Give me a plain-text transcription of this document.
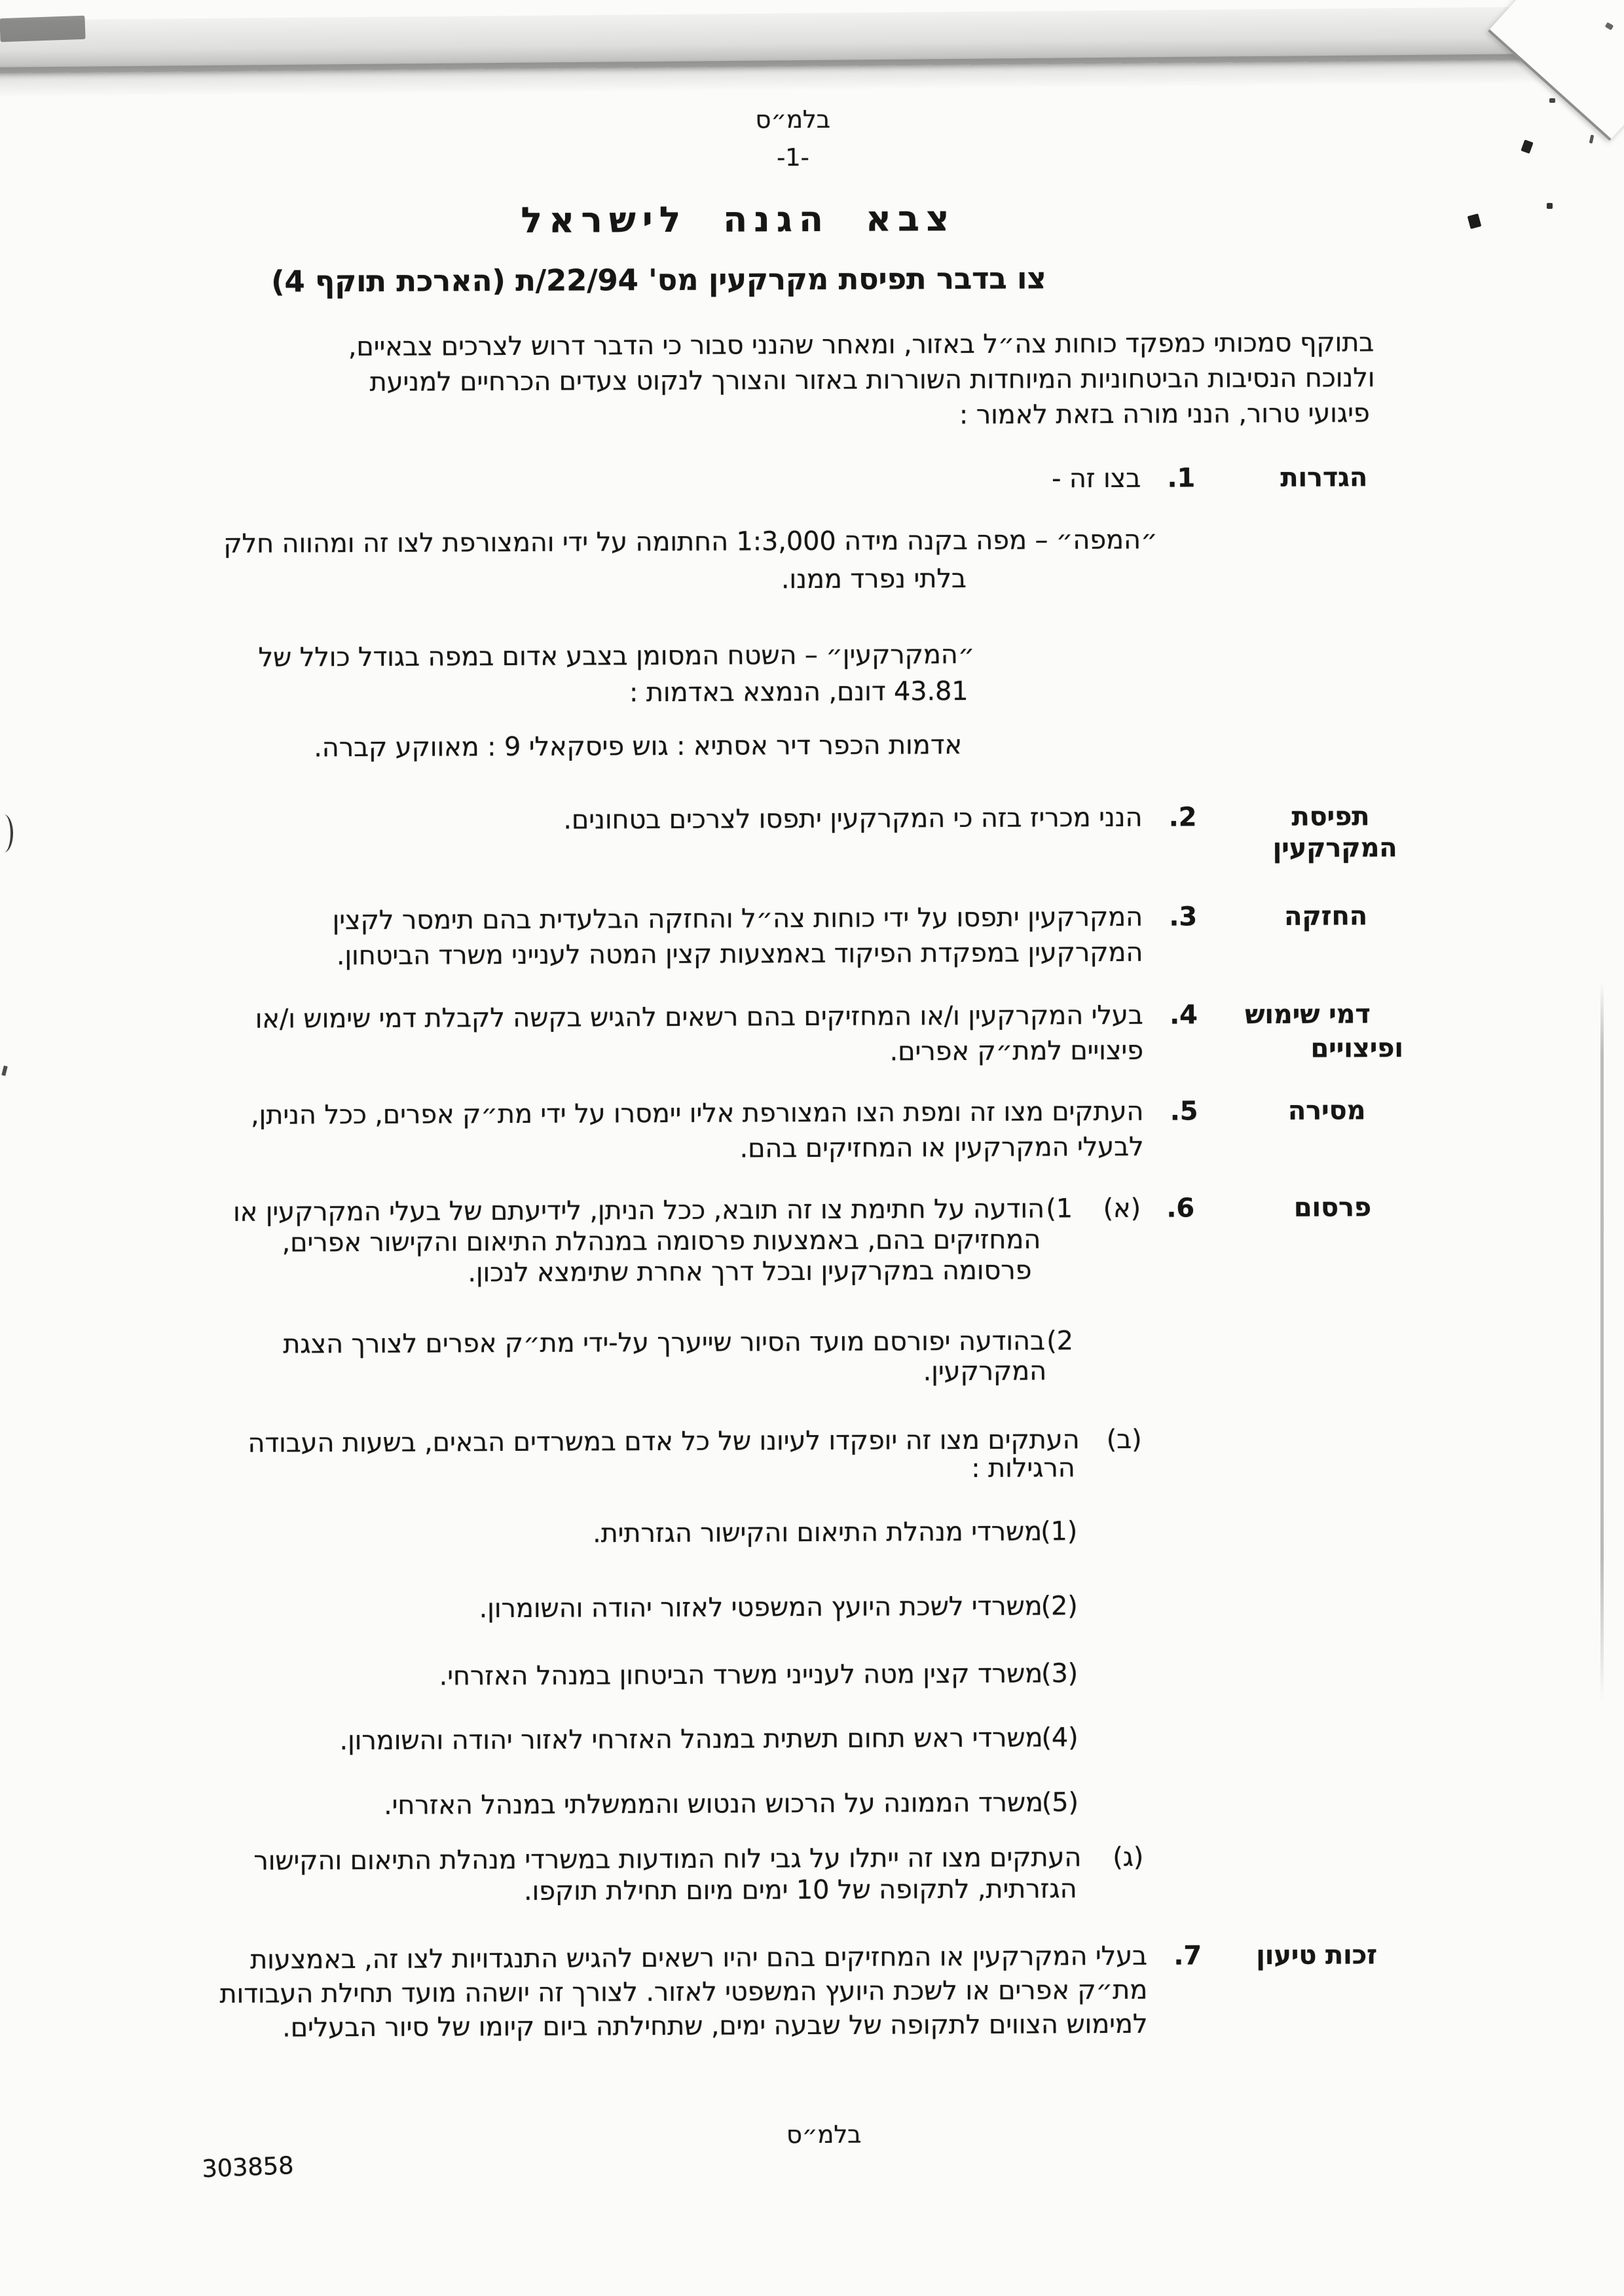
בלמ״ס
-1-
צבא הגנה לישראל
צו בדבר תפיסת מקרקעין מס' 22/94/ת (הארכת תוקף 4)
בתוקף סמכותי כמפקד כוחות צה״ל באזור, ומאחר שהנני סבור כי הדבר דרוש לצרכים צבאיים,
ולנוכח הנסיבות הביטחוניות המיוחדות השוררות באזור והצורך לנקוט צעדים הכרחיים למניעת
פיגועי טרור, הנני מורה בזאת לאמור :
הגדרות
1.
בצו זה -
״המפה״ – מפה בקנה מידה 1:3,000 החתומה על ידי והמצורפת לצו זה ומהווה חלק
בלתי נפרד ממנו.
״המקרקעין״ – השטח המסומן בצבע אדום במפה בגודל כולל של
43.81 דונם, הנמצא באדמות :
אדמות הכפר דיר אסתיא : גוש פיסקאלי 9 : מאווקע קברה.
תפיסת
המקרקעין
2.
הנני מכריז בזה כי המקרקעין יתפסו לצרכים בטחונים.
החזקה
3.
המקרקעין יתפסו על ידי כוחות צה״ל והחזקה הבלעדית בהם תימסר לקצין
המקרקעין במפקדת הפיקוד באמצעות קצין המטה לענייני משרד הביטחון.
דמי שימוש
ופיצויים
4.
בעלי המקרקעין ו/או המחזיקים בהם רשאים להגיש בקשה לקבלת דמי שימוש ו/או
פיצויים למת״ק אפרים.
מסירה
5.
העתקים מצו זה ומפת הצו המצורפת אליו יימסרו על ידי מת״ק אפרים, ככל הניתן,
לבעלי המקרקעין או המחזיקים בהם.
פרסום
6.
(א)
1)
הודעה על חתימת צו זה תובא, ככל הניתן, לידיעתם של בעלי המקרקעין או
המחזיקים בהם, באמצעות פרסומה במנהלת התיאום והקישור אפרים,
פרסומה במקרקעין ובכל דרך אחרת שתימצא לנכון.
2)
בהודעה יפורסם מועד הסיור שייערך על-ידי מת״ק אפרים לצורך הצגת
המקרקעין.
(ב)
העתקים מצו זה יופקדו לעיונו של כל אדם במשרדים הבאים, בשעות העבודה
הרגילות :
(1)
משרדי מנהלת התיאום והקישור הגזרתית.
(2)
משרדי לשכת היועץ המשפטי לאזור יהודה והשומרון.
(3)
משרד קצין מטה לענייני משרד הביטחון במנהל האזרחי.
(4)
משרדי ראש תחום תשתית במנהל האזרחי לאזור יהודה והשומרון.
(5)
משרד הממונה על הרכוש הנטוש והממשלתי במנהל האזרחי.
(ג)
העתקים מצו זה ייתלו על גבי לוח המודעות במשרדי מנהלת התיאום והקישור
הגזרתית, לתקופה של 10 ימים מיום תחילת תוקפו.
זכות טיעון
7.
בעלי המקרקעין או המחזיקים בהם יהיו רשאים להגיש התנגדויות לצו זה, באמצעות
מת״ק אפרים או לשכת היועץ המשפטי לאזור. לצורך זה יושהה מועד תחילת העבודות
למימוש הצווים לתקופה של שבעה ימים, שתחילתה ביום קיומו של סיור הבעלים.
בלמ״ס
303858
